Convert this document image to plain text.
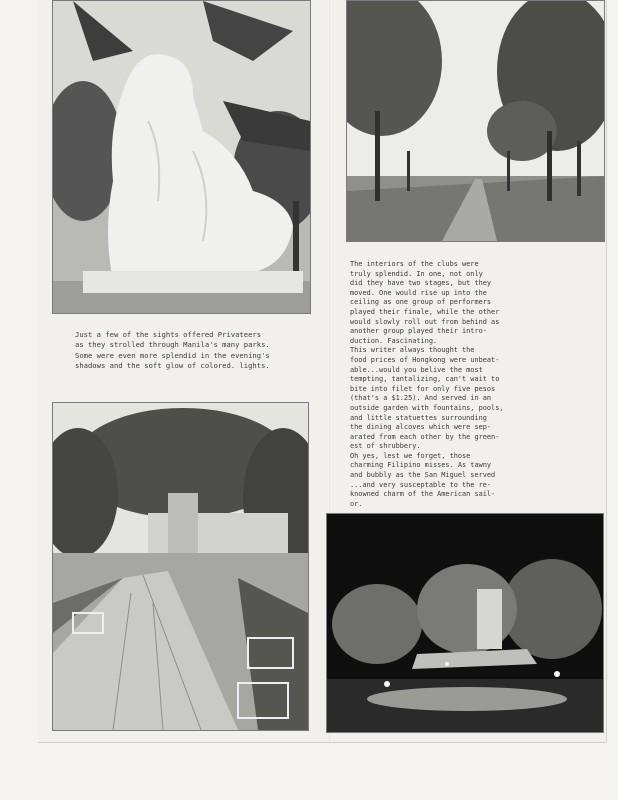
Just a few of the sights offered Privateers
as they strolled through Manila's many parks.
Some were even more splendid in the evening's
shadows and the soft glow of colored. lights.
The interiors of the clubs were
truly splendid. In one, not only
did they have two stages, but they
moved. One would rise up into the
ceiling as one group of performers
played their finale, while the other
would slowly roll out from behind as
another group played their intro-
duction. Fascinating.
This writer always thought the
food prices of Hongkong were unbeat-
able...would you belive the most
tempting, tantalizing, can't wait to
bite into filet for only five pesos
(that's a $1.25). And served in an
outside garden with fountains, pools,
and little statuettes surrounding
the dining alcoves which were sep-
arated from each other by the green-
est of shrubbery.
Oh yes, lest we forget, those
charming Filipino misses. As tawny
and bubbly as the San Miguel served
...and very susceptable to the re-
knowned charm of the American sail-
or.
